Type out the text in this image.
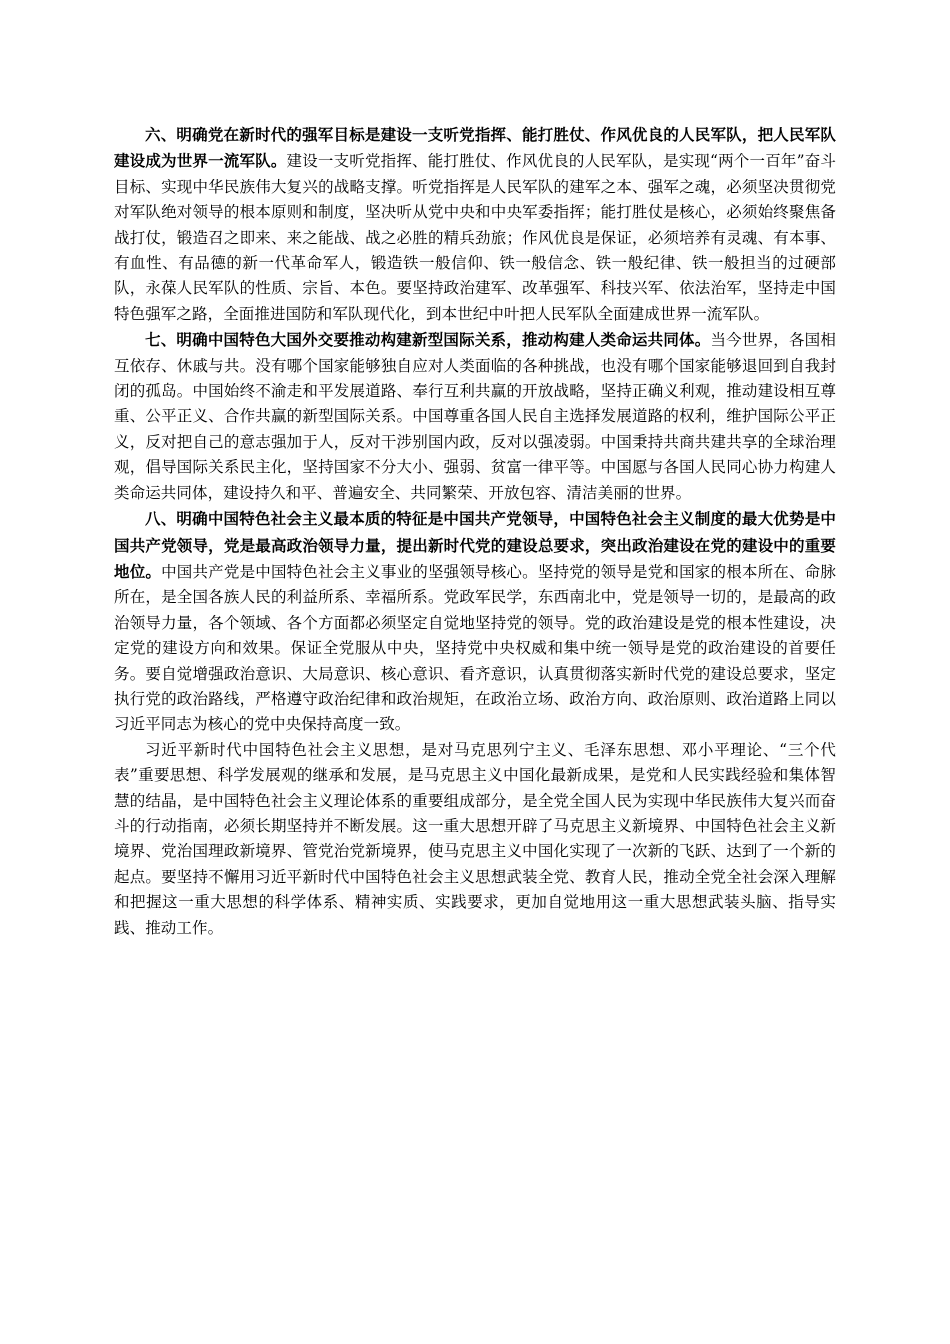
六、明确党在新时代的强军目标是建设一支听党指挥、能打胜仗、作风优良的人民军队，把人民军队建设成为世界一流军队。建设一支听党指挥、能打胜仗、作风优良的人民军队，是实现“两个一百年”奋斗目标、实现中华民族伟大复兴的战略支撑。听党指挥是人民军队的建军之本、强军之魂，必须坚决贯彻党对军队绝对领导的根本原则和制度，坚决听从党中央和中央军委指挥；能打胜仗是核心，必须始终聚焦备战打仗，锻造召之即来、来之能战、战之必胜的精兵劲旅；作风优良是保证，必须培养有灵魂、有本事、有血性、有品德的新一代革命军人，锻造铁一般信仰、铁一般信念、铁一般纪律、铁一般担当的过硬部队，永葆人民军队的性质、宗旨、本色。要坚持政治建军、改革强军、科技兴军、依法治军，坚持走中国特色强军之路，全面推进国防和军队现代化，到本世纪中叶把人民军队全面建成世界一流军队。

七、明确中国特色大国外交要推动构建新型国际关系，推动构建人类命运共同体。当今世界，各国相互依存、休戚与共。没有哪个国家能够独自应对人类面临的各种挑战，也没有哪个国家能够退回到自我封闭的孤岛。中国始终不渝走和平发展道路、奉行互利共赢的开放战略，坚持正确义利观，推动建设相互尊重、公平正义、合作共赢的新型国际关系。中国尊重各国人民自主选择发展道路的权利，维护国际公平正义，反对把自己的意志强加于人，反对干涉别国内政，反对以强凌弱。中国秉持共商共建共享的全球治理观，倡导国际关系民主化，坚持国家不分大小、强弱、贫富一律平等。中国愿与各国人民同心协力构建人类命运共同体，建设持久和平、普遍安全、共同繁荣、开放包容、清洁美丽的世界。

八、明确中国特色社会主义最本质的特征是中国共产党领导，中国特色社会主义制度的最大优势是中国共产党领导，党是最高政治领导力量，提出新时代党的建设总要求，突出政治建设在党的建设中的重要地位。中国共产党是中国特色社会主义事业的坚强领导核心。坚持党的领导是党和国家的根本所在、命脉所在，是全国各族人民的利益所系、幸福所系。党政军民学，东西南北中，党是领导一切的，是最高的政治领导力量，各个领域、各个方面都必须坚定自觉地坚持党的领导。党的政治建设是党的根本性建设，决定党的建设方向和效果。保证全党服从中央，坚持党中央权威和集中统一领导是党的政治建设的首要任务。要自觉增强政治意识、大局意识、核心意识、看齐意识，认真贯彻落实新时代党的建设总要求，坚定执行党的政治路线，严格遵守政治纪律和政治规矩，在政治立场、政治方向、政治原则、政治道路上同以习近平同志为核心的党中央保持高度一致。

习近平新时代中国特色社会主义思想，是对马克思列宁主义、毛泽东思想、邓小平理论、“三个代表”重要思想、科学发展观的继承和发展，是马克思主义中国化最新成果，是党和人民实践经验和集体智慧的结晶，是中国特色社会主义理论体系的重要组成部分，是全党全国人民为实现中华民族伟大复兴而奋斗的行动指南，必须长期坚持并不断发展。这一重大思想开辟了马克思主义新境界、中国特色社会主义新境界、党治国理政新境界、管党治党新境界，使马克思主义中国化实现了一次新的飞跃、达到了一个新的起点。要坚持不懈用习近平新时代中国特色社会主义思想武装全党、教育人民，推动全党全社会深入理解和把握这一重大思想的科学体系、精神实质、实践要求，更加自觉地用这一重大思想武装头脑、指导实践、推动工作。
